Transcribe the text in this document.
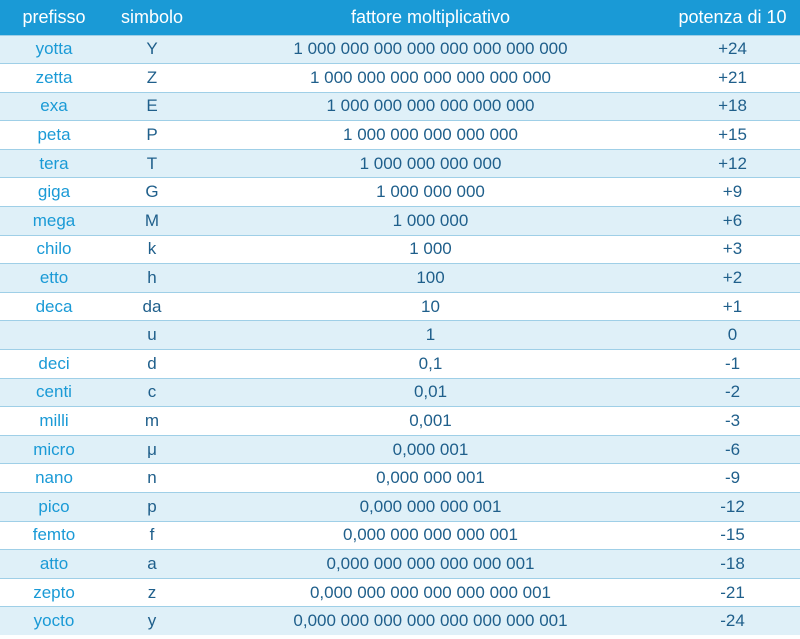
prefisso	simbolo	fattore moltiplicativo	potenza di 10
yotta	Y	1 000 000 000 000 000 000 000 000	+24
zetta	Z	1 000 000 000 000 000 000 000	+21
exa	E	1 000 000 000 000 000 000	+18
peta	P	1 000 000 000 000 000	+15
tera	T	1 000 000 000 000	+12
giga	G	1 000 000 000	+9
mega	M	1 000 000	+6
chilo	k	1 000	+3
etto	h	100	+2
deca	da	10	+1
	u	1	0
deci	d	0,1	-1
centi	c	0,01	-2
milli	m	0,001	-3
micro	μ	0,000 001	-6
nano	n	0,000 000 001	-9
pico	p	0,000 000 000 001	-12
femto	f	0,000 000 000 000 001	-15
atto	a	0,000 000 000 000 000 001	-18
zepto	z	0,000 000 000 000 000 000 001	-21
yocto	y	0,000 000 000 000 000 000 000 001	-24
